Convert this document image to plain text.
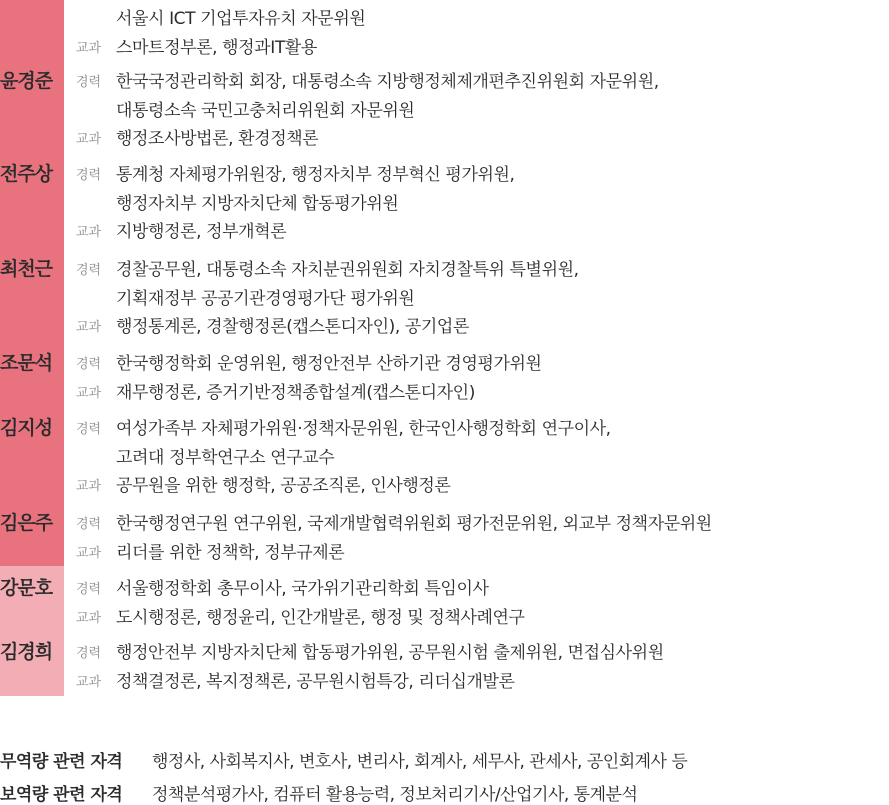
서울시 ICT 기업투자유치 자문위원
교과 스마트정부론, 행정과IT활용
윤경준	경력 한국국정관리학회 회장, 대통령소속 지방행정체제개편추진위원회 자문위원,
대통령소속 국민고충처리위원회 자문위원
교과 행정조사방법론, 환경정책론
전주상	경력 통계청 자체평가위원장, 행정자치부 정부혁신 평가위원,
행정자치부 지방자치단체 합동평가위원
교과 지방행정론, 정부개혁론
최천근	경력 경찰공무원, 대통령소속 자치분권위원회 자치경찰특위 특별위원,
기획재정부 공공기관경영평가단 평가위원
교과 행정통계론, 경찰행정론(캡스톤디자인), 공기업론
조문석	경력 한국행정학회 운영위원, 행정안전부 산하기관 경영평가위원
교과 재무행정론, 증거기반정책종합설계(캡스톤디자인)
김지성	경력 여성가족부 자체평가위원·정책자문위원, 한국인사행정학회 연구이사,
고려대 정부학연구소 연구교수
교과 공무원을 위한 행정학, 공공조직론, 인사행정론
김은주	경력 한국행정연구원 연구위원, 국제개발협력위원회 평가전문위원, 외교부 정책자문위원
교과 리더를 위한 정책학, 정부규제론
강문호	경력 서울행정학회 총무이사, 국가위기관리학회 특임이사
교과 도시행정론, 행정윤리, 인간개발론, 행정 및 정책사례연구
김경희	경력 행정안전부 지방자치단체 합동평가위원, 공무원시험 출제위원, 면접심사위원
교과 정책결정론, 복지정책론, 공무원시험특강, 리더십개발론
무역량 관련 자격 행정사, 사회복지사, 변호사, 변리사, 회계사, 세무사, 관세사, 공인회계사 등
보역량 관련 자격 정책분석평가사, 컴퓨터 활용능력, 정보처리기사/산업기사, 통계분석
